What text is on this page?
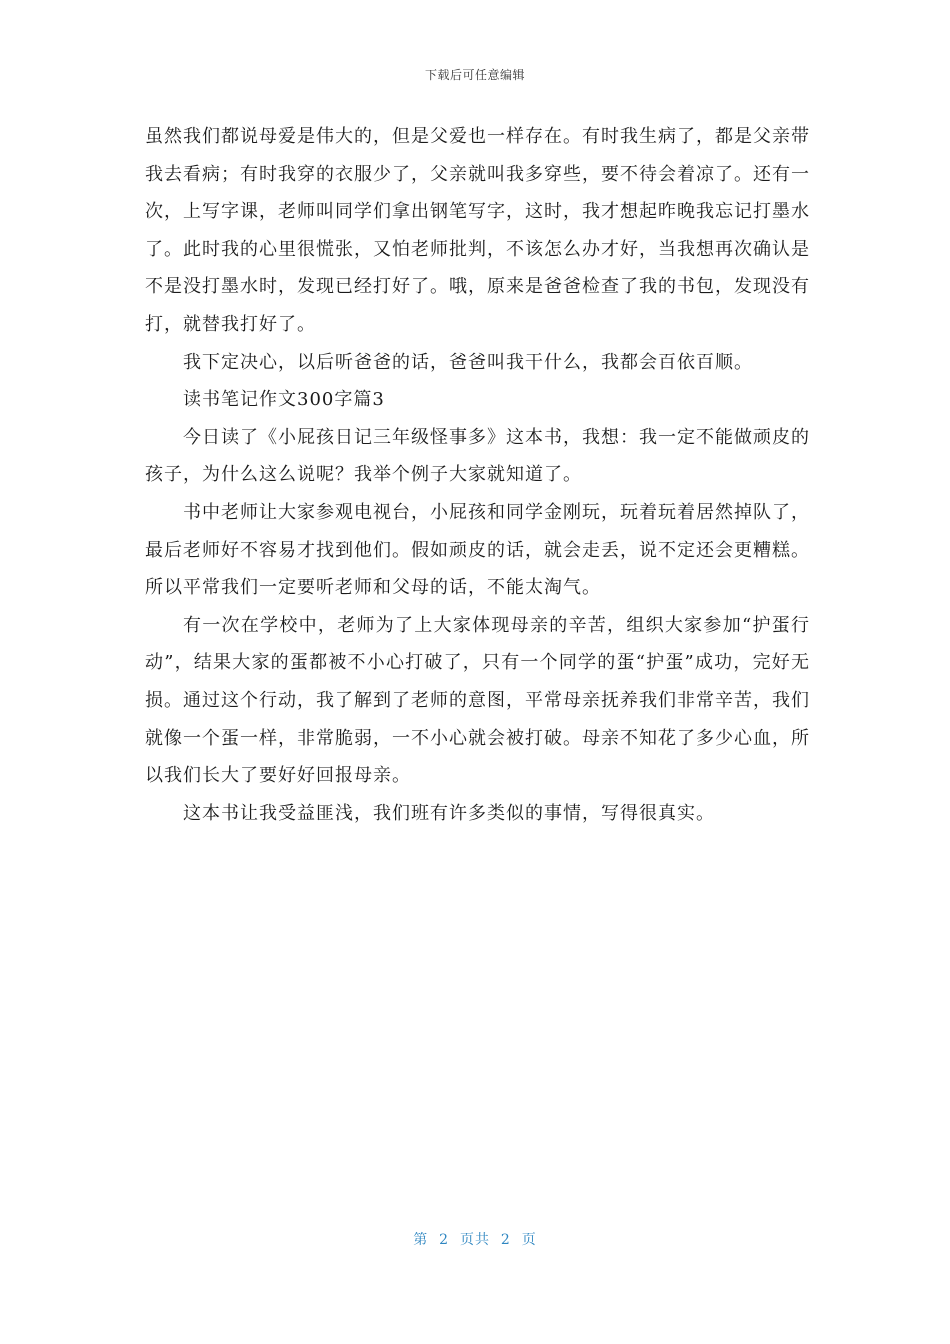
下载后可任意编辑

虽然我们都说母爱是伟大的，但是父爱也一样存在。有时我生病了，都是父亲带我去看病；有时我穿的衣服少了，父亲就叫我多穿些，要不待会着凉了。还有一次，上写字课，老师叫同学们拿出钢笔写字，这时，我才想起昨晚我忘记打墨水了。此时我的心里很慌张，又怕老师批判，不该怎么办才好，当我想再次确认是不是没打墨水时，发现已经打好了。哦，原来是爸爸检查了我的书包，发现没有打，就替我打好了。

我下定决心，以后听爸爸的话，爸爸叫我干什么，我都会百依百顺。

读书笔记作文300字篇3

今日读了《小屁孩日记三年级怪事多》这本书，我想：我一定不能做顽皮的孩子，为什么这么说呢？我举个例子大家就知道了。

书中老师让大家参观电视台，小屁孩和同学金刚玩，玩着玩着居然掉队了，最后老师好不容易才找到他们。假如顽皮的话，就会走丢，说不定还会更糟糕。所以平常我们一定要听老师和父母的话，不能太淘气。

有一次在学校中，老师为了上大家体现母亲的辛苦，组织大家参加“护蛋行动”，结果大家的蛋都被不小心打破了，只有一个同学的蛋“护蛋”成功，完好无损。通过这个行动，我了解到了老师的意图，平常母亲抚养我们非常辛苦，我们就像一个蛋一样，非常脆弱，一不小心就会被打破。母亲不知花了多少心血，所以我们长大了要好好回报母亲。

这本书让我受益匪浅，我们班有许多类似的事情，写得很真实。

第  2  页共  2  页
